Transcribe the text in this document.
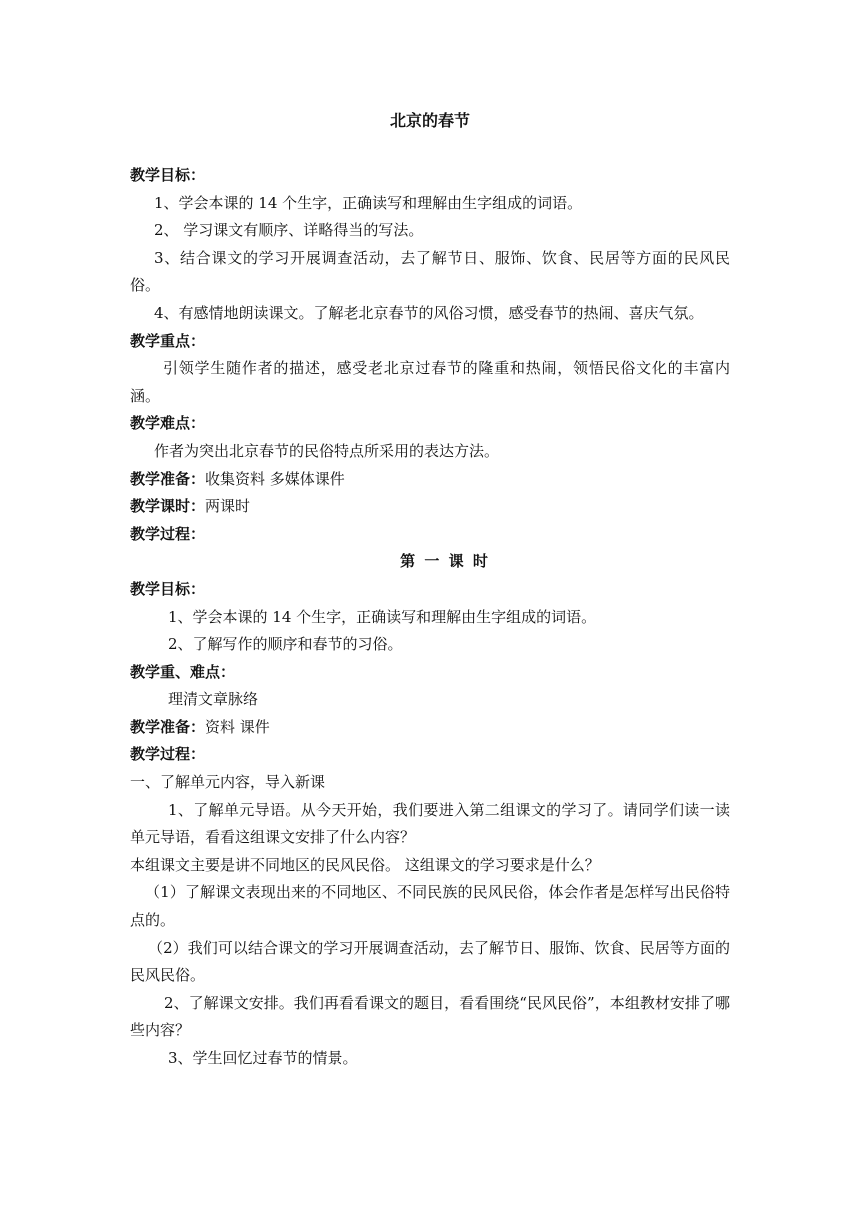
北京的春节

教学目标：

1、学会本课的 14 个生字，正确读写和理解由生字组成的词语。

2、 学习课文有顺序、详略得当的写法。

3、结合课文的学习开展调查活动，去了解节日、服饰、饮食、民居等方面的民风民俗。

4、有感情地朗读课文。了解老北京春节的风俗习惯，感受春节的热闹、喜庆气氛。

教学重点：

引领学生随作者的描述，感受老北京过春节的隆重和热闹，领悟民俗文化的丰富内涵。

教学难点：

作者为突出北京春节的民俗特点所采用的表达方法。

教学准备：收集资料 多媒体课件

教学课时：两课时

教学过程：

第 一 课 时

教学目标：

1、学会本课的 14 个生字，正确读写和理解由生字组成的词语。

2、了解写作的顺序和春节的习俗。

教学重、难点：

理清文章脉络

教学准备：资料 课件

教学过程：

一、了解单元内容，导入新课

1、了解单元导语。从今天开始，我们要进入第二组课文的学习了。请同学们读一读单元导语，看看这组课文安排了什么内容？

本组课文主要是讲不同地区的民风民俗。 这组课文的学习要求是什么？

（1）了解课文表现出来的不同地区、不同民族的民风民俗，体会作者是怎样写出民俗特点的。

（2）我们可以结合课文的学习开展调查活动，去了解节日、服饰、饮食、民居等方面的民风民俗。

2、了解课文安排。我们再看看课文的题目，看看围绕“民风民俗”，本组教材安排了哪些内容？

3、学生回忆过春节的情景。
